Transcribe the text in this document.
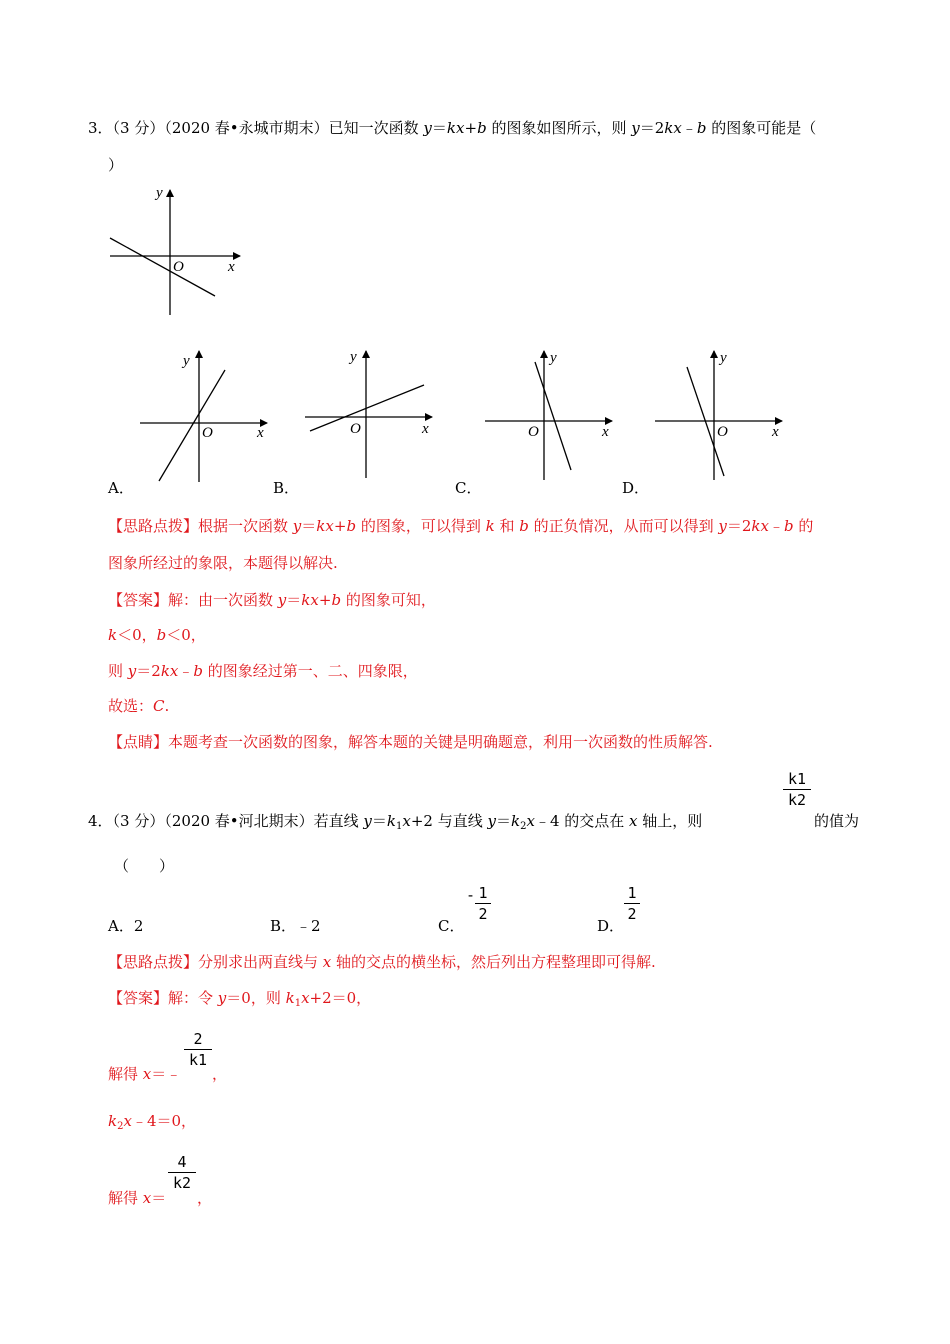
3．（3 分）（2020 春•永城市期末）已知一次函数 y＝kx+b 的图象如图所示，则 y＝2kx﹣b 的图象可能是（
）
y
x
O
y
x
O
y
x
O
y
x
O
y
x
O
A．	B．	C．	D．
【思路点拨】根据一次函数 y＝kx+b 的图象，可以得到 k 和 b 的正负情况，从而可以得到 y＝2kx﹣b 的
图象所经过的象限，本题得以解决.
【答案】解：由一次函数 y＝kx+b 的图象可知，
k＜0，b＜0，
则 y＝2kx﹣b 的图象经过第一、二、四象限，
故选：C.
【点睛】本题考查一次函数的图象，解答本题的关键是明确题意，利用一次函数的性质解答.
4．（3 分）（2020 春•河北期末）若直线 $y=k_1x+2$ 与直线 $y=k_2x﹣4$ 的交点在 x 轴上，则
k1
k2
的值为
（　　）
A．2	B．﹣2	C．
- 1
2
D．
1
2
【思路点拨】分别求出两直线与 x 轴的交点的横坐标，然后列出方程整理即可得解.
【答案】解：令 y＝0，则 $k_1x+2=0$，
解得 x＝﹣
2
k1
，
$k_2x﹣4=0$，
解得 x＝
4
k2
，
